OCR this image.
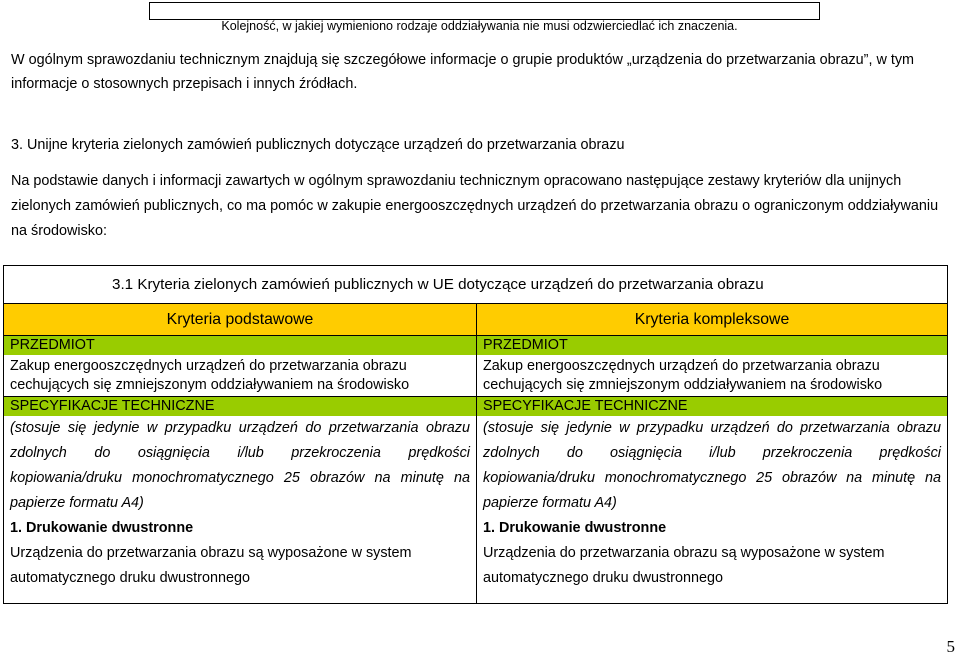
Kolejność, w jakiej wymieniono rodzaje oddziaływania nie musi odzwierciedlać ich znaczenia.
W ogólnym sprawozdaniu technicznym znajdują się szczegółowe informacje o grupie produktów „urządzenia do przetwarzania obrazu”, w tym informacje o stosownych przepisach i innych źródłach.
3. Unijne kryteria zielonych zamówień publicznych dotyczące urządzeń do przetwarzania obrazu
Na podstawie danych i informacji zawartych w ogólnym sprawozdaniu technicznym opracowano następujące zestawy kryteriów dla unijnych zielonych zamówień publicznych, co ma pomóc w zakupie energooszczędnych urządzeń do przetwarzania obrazu o ograniczonym oddziaływaniu na środowisko:
3.1 Kryteria zielonych zamówień publicznych w UE dotyczące urządzeń do przetwarzania obrazu
Kryteria podstawowe	Kryteria kompleksowe
PRZEDMIOT
Zakup energooszczędnych urządzeń do przetwarzania obrazu cechujących się zmniejszonym oddziaływaniem na środowisko
SPECYFIKACJE TECHNICZNE
(stosuje się jedynie w przypadku urządzeń do przetwarzania obrazu
zdolnych do osiągnięcia i/lub przekroczenia prędkości
kopiowania/druku monochromatycznego 25 obrazów na minutę na
papierze formatu A4)
1. Drukowanie dwustronne
Urządzenia do przetwarzania obrazu są wyposażone w system
automatycznego druku dwustronnego
PRZEDMIOT
Zakup energooszczędnych urządzeń do przetwarzania obrazu cechujących się zmniejszonym oddziaływaniem na środowisko
SPECYFIKACJE TECHNICZNE
(stosuje się jedynie w przypadku urządzeń do przetwarzania obrazu
zdolnych do osiągnięcia i/lub przekroczenia prędkości
kopiowania/druku monochromatycznego 25 obrazów na minutę na
papierze formatu A4)
1. Drukowanie dwustronne
Urządzenia do przetwarzania obrazu są wyposażone w system
automatycznego druku dwustronnego
5
